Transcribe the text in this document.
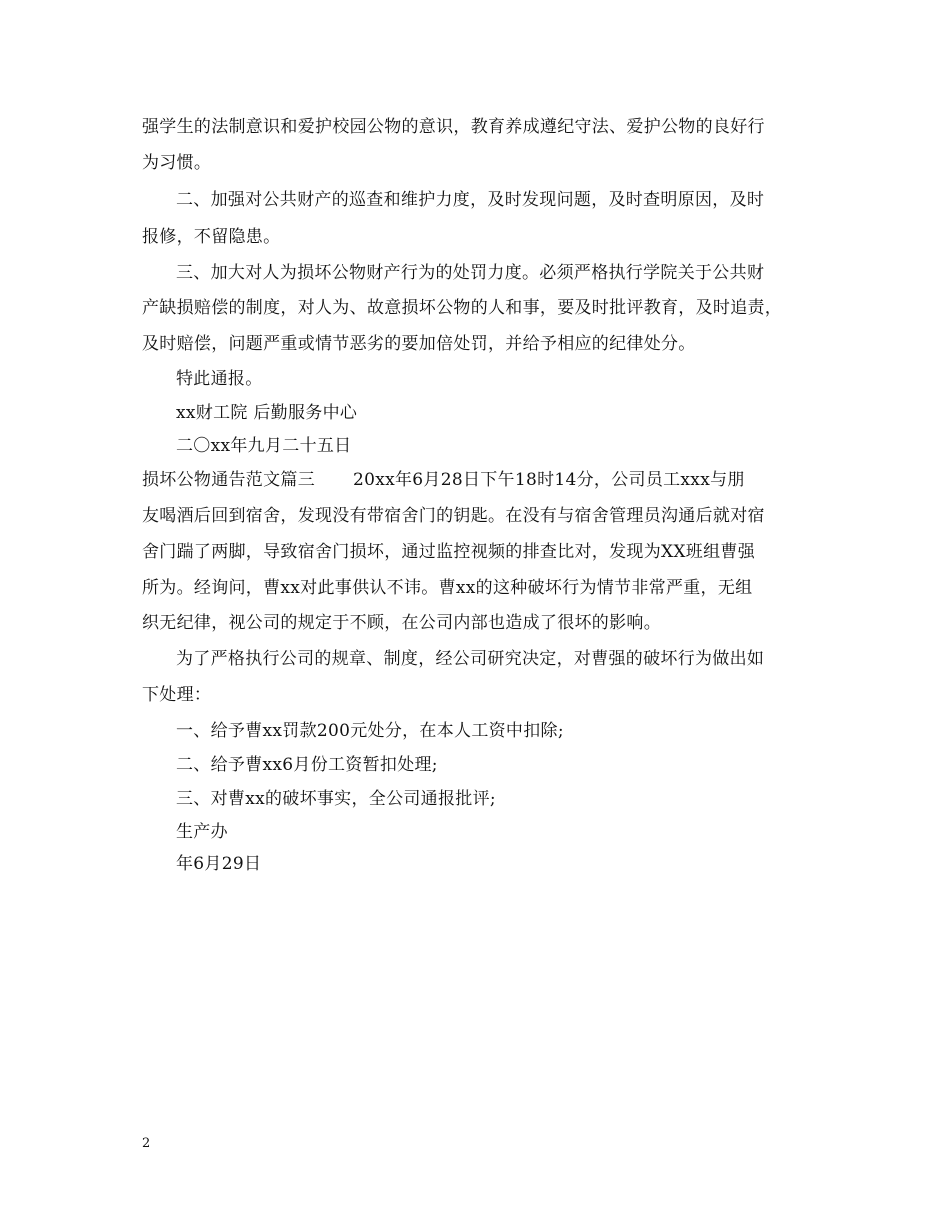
强学生的法制意识和爱护校园公物的意识，教育养成遵纪守法、爱护公物的良好行

为习惯。

二、加强对公共财产的巡查和维护力度，及时发现问题，及时查明原因，及时

报修，不留隐患。

三、加大对人为损坏公物财产行为的处罚力度。必须严格执行学院关于公共财

产缺损赔偿的制度，对人为、故意损坏公物的人和事，要及时批评教育，及时追责，

及时赔偿，问题严重或情节恶劣的要加倍处罚，并给予相应的纪律处分。

特此通报。

xx财工院 后勤服务中心

二〇xx年九月二十五日

损坏公物通告范文篇三 20xx年6月28日下午18时14分，公司员工xxx与朋

友喝酒后回到宿舍，发现没有带宿舍门的钥匙。在没有与宿舍管理员沟通后就对宿

舍门踹了两脚，导致宿舍门损坏，通过监控视频的排查比对，发现为XX班组曹强

所为。经询问，曹xx对此事供认不讳。曹xx的这种破坏行为情节非常严重，无组

织无纪律，视公司的规定于不顾，在公司内部也造成了很坏的影响。

为了严格执行公司的规章、制度，经公司研究决定，对曹强的破坏行为做出如

下处理：

一、给予曹xx罚款200元处分，在本人工资中扣除;

二、给予曹xx6月份工资暂扣处理;

三、对曹xx的破坏事实，全公司通报批评;

生产办

年6月29日

2
